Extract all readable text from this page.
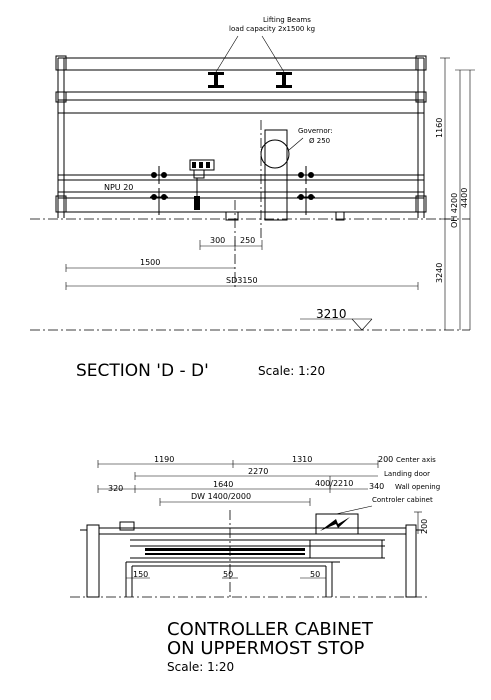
Lifting Beams
load capacity 2x1500 kg
Governor:
Ø 250
NPU 20
300 250
1500
SD3150
3210
1160
OH 4200 4400
3240
SECTION 'D - D'	Scale: 1:20
1190	1310	200 Center axis
2270	Landing door
320	1640	400/2210 340 Wall opening
DW 1400/2000	Controler cabinet
200
150	50	50
CONTROLLER CABINET
ON UPPERMOST STOP
Scale: 1:20
